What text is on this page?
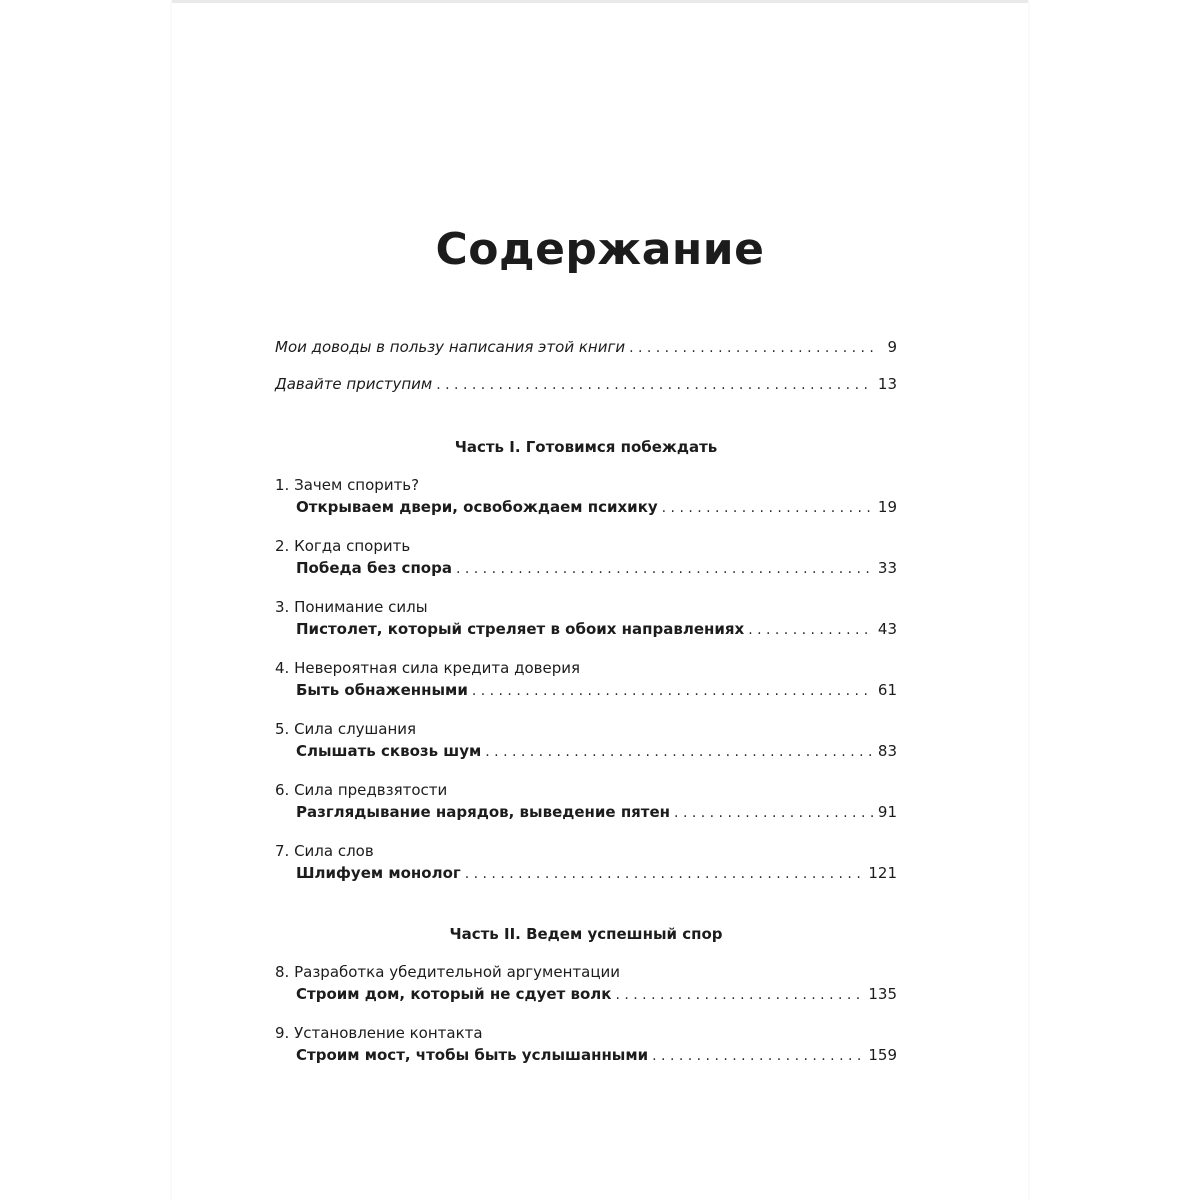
Содержание
Мои доводы в пользу написания этой книги . . .	9
Давайте приступим . . .	13
Часть I. Готовимся побеждать
1. Зачем спорить?
Открываем двери, освобождаем психику . . .	19
2. Когда спорить
Победа без спора . . .	33
3. Понимание силы
Пистолет, который стреляет в обоих направлениях . . .	43
4. Невероятная сила кредита доверия
Быть обнаженными . . .	61
5. Сила слушания
Слышать сквозь шум . . .	83
6. Сила предвзятости
Разглядывание нарядов, выведение пятен . . .	91
7. Сила слов
Шлифуем монолог . . .	121
Часть II. Ведем успешный спор
8. Разработка убедительной аргументации
Строим дом, который не сдует волк . . .	135
9. Установление контакта
Строим мост, чтобы быть услышанными . . .	159
